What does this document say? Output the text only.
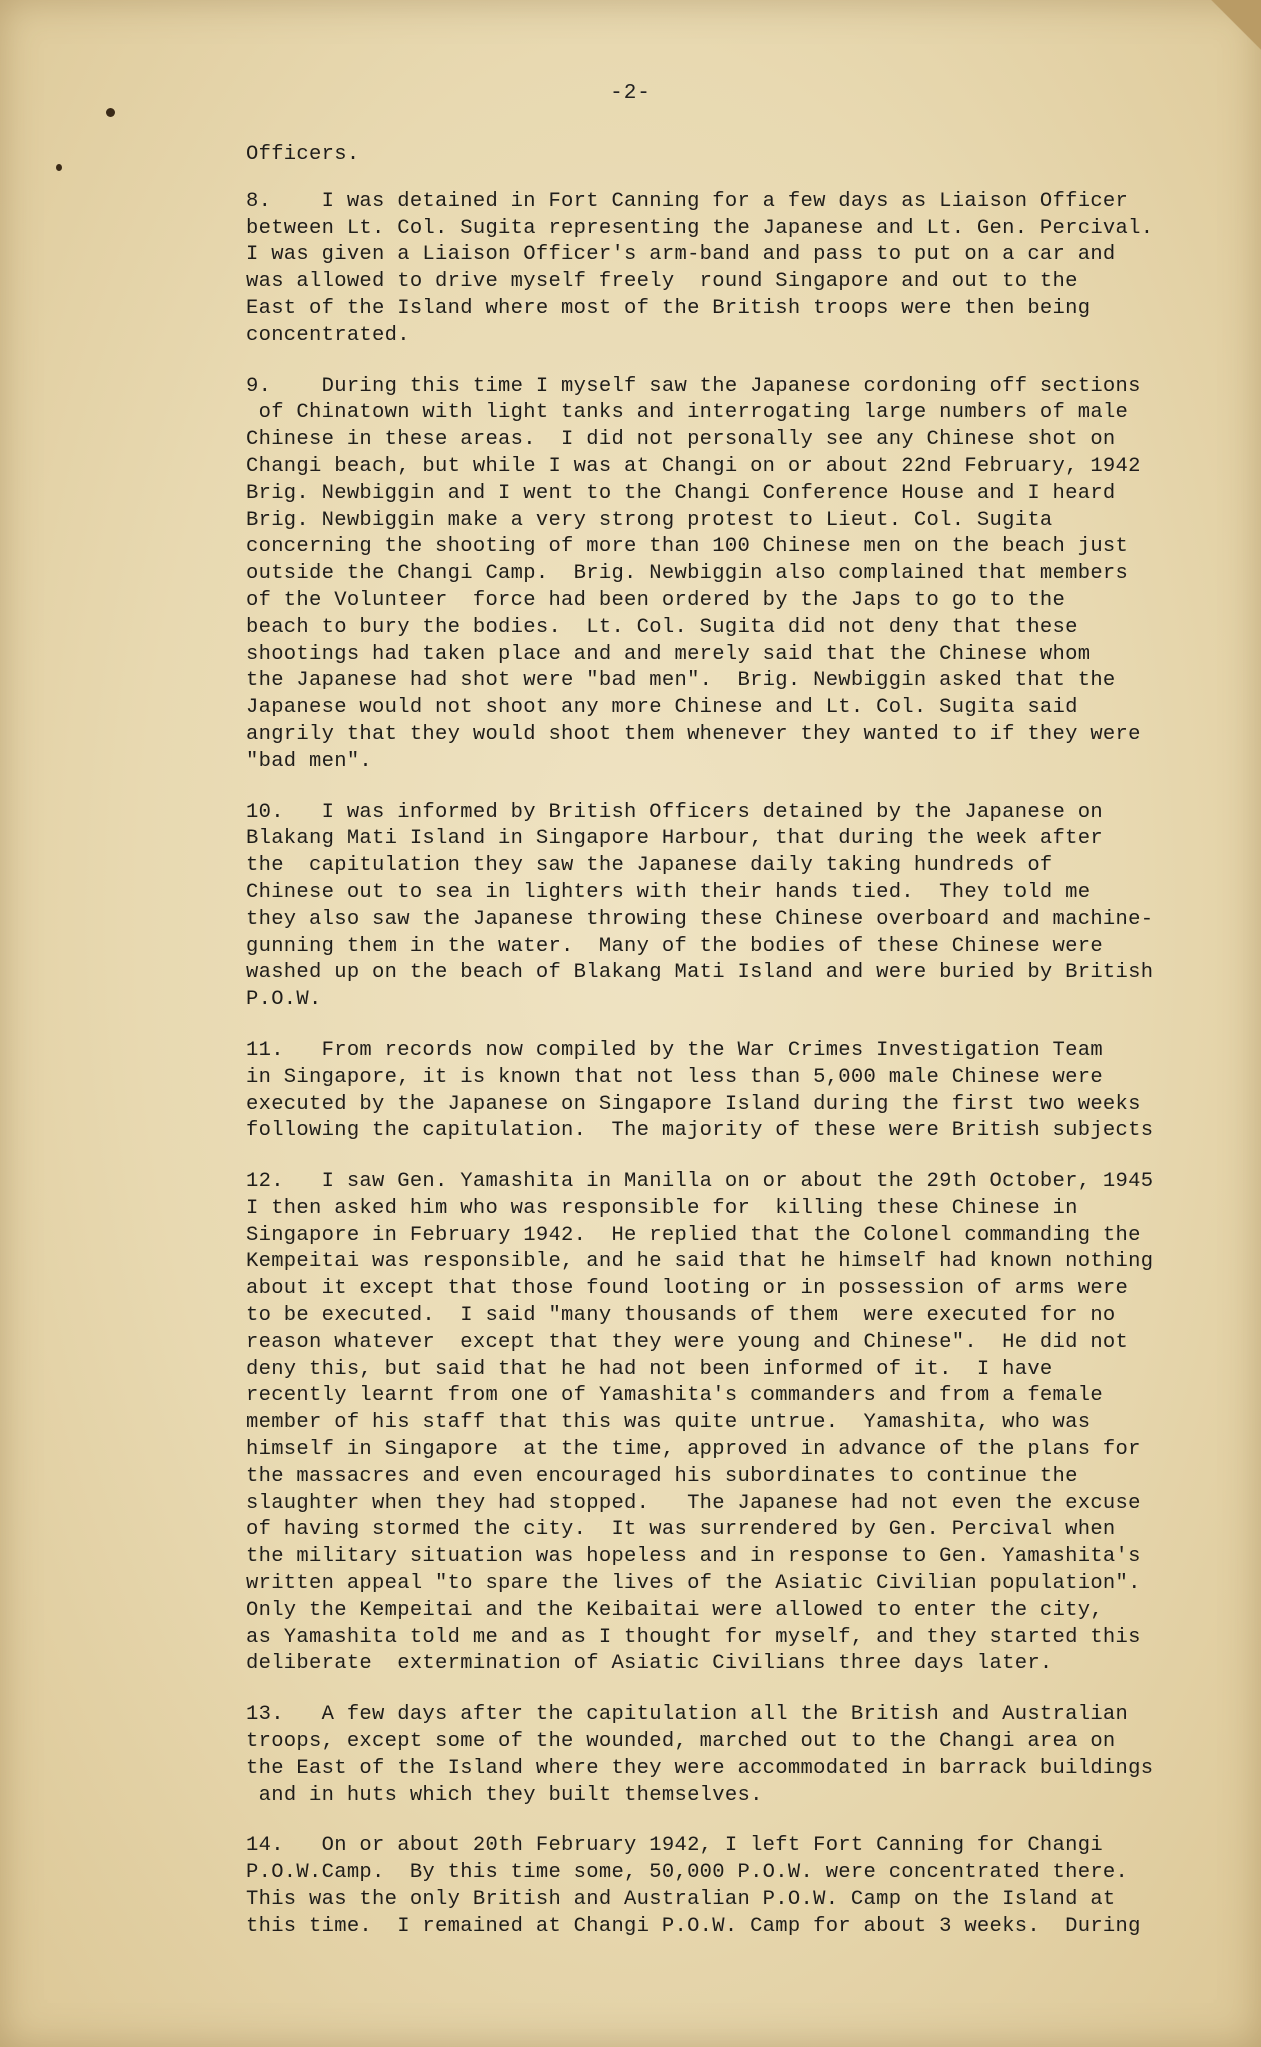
-2-

Officers.

8.    I was detained in Fort Canning for a few days as Liaison Officer
between Lt. Col. Sugita representing the Japanese and Lt. Gen. Percival.
I was given a Liaison Officer's arm-band and pass to put on a car and
was allowed to drive myself freely  round Singapore and out to the
East of the Island where most of the British troops were then being
concentrated.

9.    During this time I myself saw the Japanese cordoning off sections
of Chinatown with light tanks and interrogating large numbers of male
Chinese in these areas.  I did not personally see any Chinese shot on
Changi beach, but while I was at Changi on or about 22nd February, 1942
Brig. Newbiggin and I went to the Changi Conference House and I heard
Brig. Newbiggin make a very strong protest to Lieut. Col. Sugita
concerning the shooting of more than 100 Chinese men on the beach just
outside the Changi Camp.  Brig. Newbiggin also complained that members
of the Volunteer  force had been ordered by the Japs to go to the
beach to bury the bodies.  Lt. Col. Sugita did not deny that these
shootings had taken place and and merely said that the Chinese whom
the Japanese had shot were "bad men".  Brig. Newbiggin asked that the
Japanese would not shoot any more Chinese and Lt. Col. Sugita said
angrily that they would shoot them whenever they wanted to if they were
"bad men".

10.   I was informed by British Officers detained by the Japanese on
Blakang Mati Island in Singapore Harbour, that during the week after
the  capitulation they saw the Japanese daily taking hundreds of
Chinese out to sea in lighters with their hands tied.  They told me
they also saw the Japanese throwing these Chinese overboard and machine-
gunning them in the water.  Many of the bodies of these Chinese were
washed up on the beach of Blakang Mati Island and were buried by British
P.O.W.

11.   From records now compiled by the War Crimes Investigation Team
in Singapore, it is known that not less than 5,000 male Chinese were
executed by the Japanese on Singapore Island during the first two weeks
following the capitulation.  The majority of these were British subjects

12.   I saw Gen. Yamashita in Manilla on or about the 29th October, 1945
I then asked him who was responsible for  killing these Chinese in
Singapore in February 1942.  He replied that the Colonel commanding the
Kempeitai was responsible, and he said that he himself had known nothing
about it except that those found looting or in possession of arms were
to be executed.  I said "many thousands of them  were executed for no
reason whatever  except that they were young and Chinese".  He did not
deny this, but said that he had not been informed of it.  I have
recently learnt from one of Yamashita's commanders and from a female
member of his staff that this was quite untrue.  Yamashita, who was
himself in Singapore  at the time, approved in advance of the plans for
the massacres and even encouraged his subordinates to continue the
slaughter when they had stopped.   The Japanese had not even the excuse
of having stormed the city.  It was surrendered by Gen. Percival when
the military situation was hopeless and in response to Gen. Yamashita's
written appeal "to spare the lives of the Asiatic Civilian population".
Only the Kempeitai and the Keibaitai were allowed to enter the city,
as Yamashita told me and as I thought for myself, and they started this
deliberate  extermination of Asiatic Civilians three days later.

13.   A few days after the capitulation all the British and Australian
troops, except some of the wounded, marched out to the Changi area on
the East of the Island where they were accommodated in barrack buildings
and in huts which they built themselves.

14.   On or about 20th February 1942, I left Fort Canning for Changi
P.O.W.Camp.  By this time some, 50,000 P.O.W. were concentrated there.
This was the only British and Australian P.O.W. Camp on the Island at
this time.  I remained at Changi P.O.W. Camp for about 3 weeks.  During
